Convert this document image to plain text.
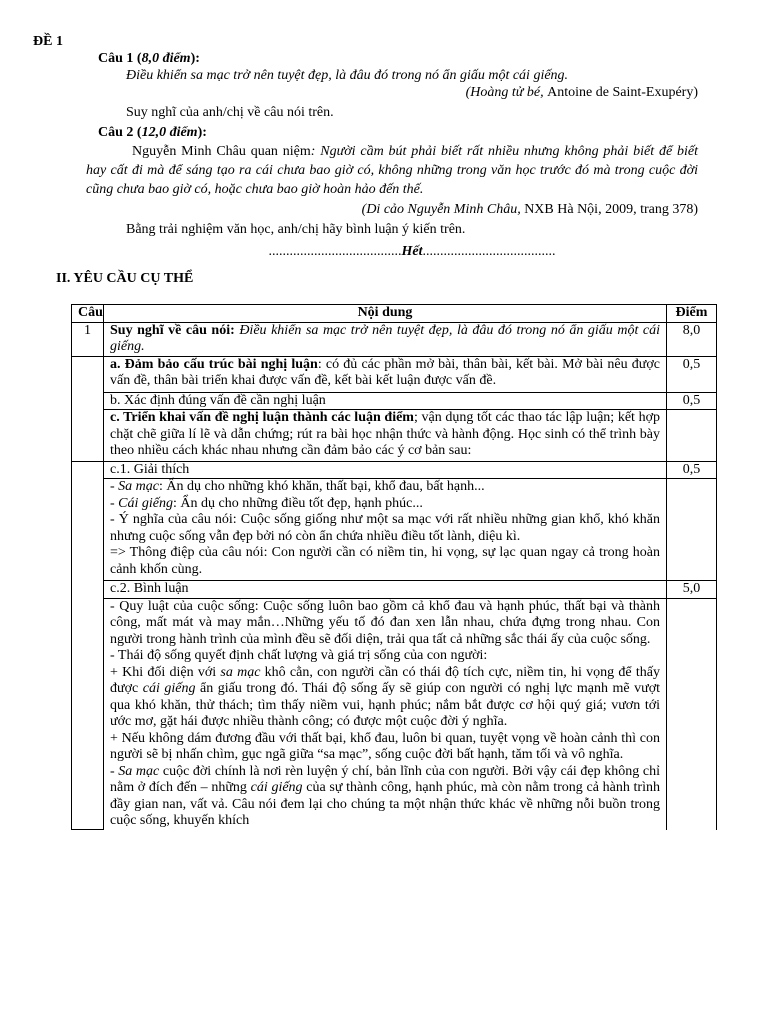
ĐỀ 1
Câu 1 (8,0 điểm):
Điều khiển sa mạc trở nên tuyệt đẹp, là đâu đó trong nó ẩn giấu một cái giếng.
(Hoàng tử bé, Antoine de Saint-Exupéry)
Suy nghĩ của anh/chị về câu nói trên.
Câu 2 (12,0 điểm):
Nguyễn Minh Châu quan niệm: Người cầm bút phải biết rất nhiều nhưng không phải biết để biết hay cất đi mà để sáng tạo ra cái chưa bao giờ có, không những trong văn học trước đó mà trong cuộc đời cũng chưa bao giờ có, hoặc chưa bao giờ hoàn hảo đến thế.
(Di cảo Nguyễn Minh Châu, NXB Hà Nội, 2009, trang 378)
Bằng trải nghiệm văn học, anh/chị hãy bình luận ý kiến trên.
......................................Hết......................................
II. YÊU CẦU CỤ THỂ
Câu	Nội dung	Điểm
1	Suy nghĩ về câu nói: Điều khiển sa mạc trở nên tuyệt đẹp, là đâu đó trong nó ẩn giấu một cái giếng.	8,0
	a. Đảm bảo cấu trúc bài nghị luận: có đủ các phần mở bài, thân bài, kết bài. Mở bài nêu được vấn đề, thân bài triển khai được vấn đề, kết bài kết luận được vấn đề.	0,5
	b. Xác định đúng vấn đề cần nghị luận	0,5
	c. Triển khai vấn đề nghị luận thành các luận điểm; vận dụng tốt các thao tác lập luận; kết hợp chặt chẽ giữa lí lẽ và dẫn chứng; rút ra bài học nhận thức và hành động. Học sinh có thể trình bày theo nhiều cách khác nhau nhưng cần đảm bảo các ý cơ bản sau:	
	c.1. Giải thích	0,5

	- Sa mạc: Ẩn dụ cho những khó khăn, thất bại, khổ đau, bất hạnh...
- Cái giếng: Ẩn dụ cho những điều tốt đẹp, hạnh phúc...
- Ý nghĩa của câu nói: Cuộc sống giống như một sa mạc với rất nhiều những gian khổ, khó khăn nhưng cuộc sống vẫn đẹp bởi nó còn ẩn chứa nhiều điều tốt lành, diệu kì.
=> Thông điệp của câu nói: Con người cần có niềm tin, hi vọng, sự lạc quan ngay cả trong hoàn cảnh khốn cùng.	

	c.2. Bình luận	5,0

	- Quy luật của cuộc sống: Cuộc sống luôn bao gồm cả khổ đau và hạnh phúc, thất bại và thành công, mất mát và may mắn…Những yếu tố đó đan xen lẫn nhau, chứa đựng trong nhau. Con người trong hành trình của mình đều sẽ đối diện, trải qua tất cả những sắc thái ấy của cuộc sống.
- Thái độ sống quyết định chất lượng và giá trị sống của con người:
+ Khi đối diện với sa mạc khô cằn, con người cần có thái độ tích cực, niềm tin, hi vọng để thấy được cái giếng ẩn giấu trong đó. Thái độ sống ấy sẽ giúp con người có nghị lực mạnh mẽ vượt qua khó khăn, thử thách; tìm thấy niềm vui, hạnh phúc; nắm bắt được cơ hội quý giá; vươn tới ước mơ, gặt hái được nhiều thành công; có được một cuộc đời ý nghĩa.
+ Nếu không dám đương đầu với thất bại, khổ đau, luôn bi quan, tuyệt vọng về hoàn cảnh thì con người sẽ bị nhấn chìm, gục ngã giữa “sa mạc”, sống cuộc đời bất hạnh, tăm tối và vô nghĩa.
- Sa mạc cuộc đời chính là nơi rèn luyện ý chí, bản lĩnh của con người. Bởi vậy cái đẹp không chỉ nằm ở đích đến – những cái giếng của sự thành công, hạnh phúc, mà còn nằm trong cả hành trình đầy gian nan, vất vả. Câu nói đem lại cho chúng ta một nhận thức khác về những nỗi buồn trong cuộc sống, khuyến khích	
